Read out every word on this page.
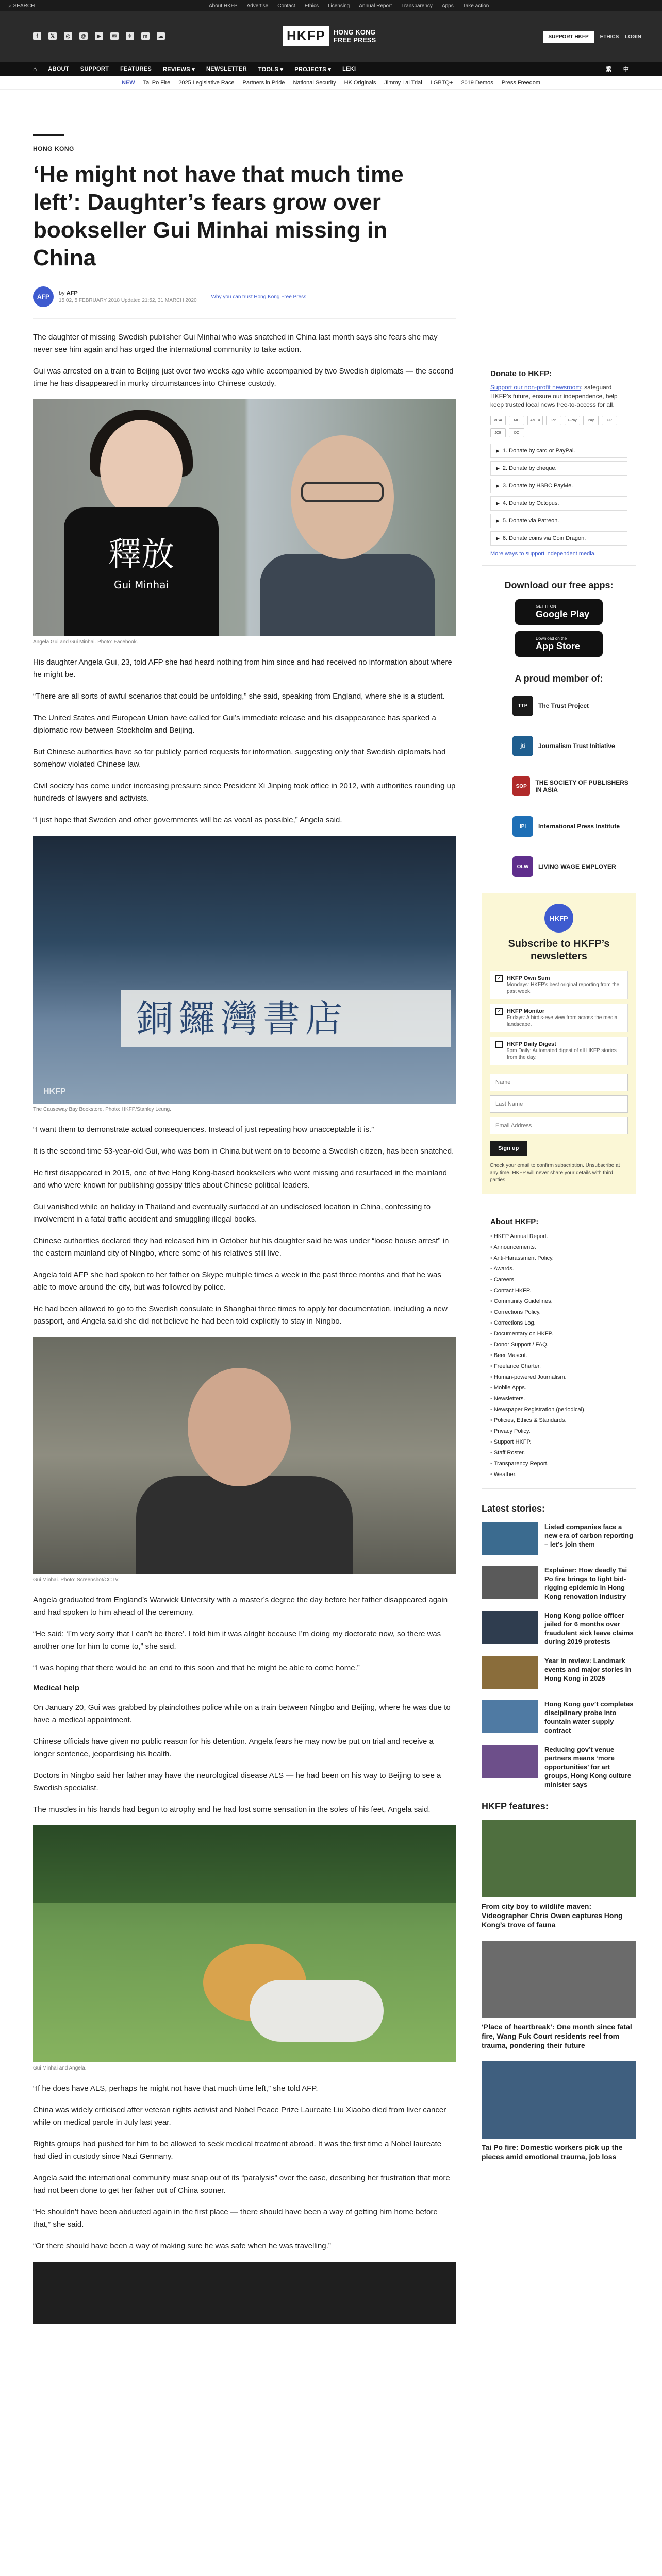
⌕ SEARCH	About HKFP Advertise Contact Ethics Licensing Annual Report Transparency Apps Take action
f	𝕏	◎	@	▶	✉	✈	m	☁	HKFP	HONG KONG
FREE PRESS	SUPPORT HKFP	ETHICS LOGIN
⌂ ABOUT SUPPORT FEATURES REVIEWS ▾ NEWSLETTER TOOLS ▾ PROJECTS ▾ LEKI	繁 中
NEW Tai Po Fire 2025 Legislative Race Partners in Pride National Security HK Originals Jimmy Lai Trial LGBTQ+ 2019 Demos Press Freedom
HONG KONG
‘He might not have that much time left’: Daughter’s fears grow over bookseller Gui Minhai missing in China
AFP	by AFP
15:02, 5 FEBRUARY 2018 Updated 21:52, 31 MARCH 2020
Why you can trust Hong Kong Free Press

The daughter of missing Swedish publisher Gui Minhai who was snatched in China last month says she fears she may never see him again and has urged the international community to take action.

Gui was arrested on a train to Beijing just over two weeks ago while accompanied by two Swedish diplomats — the second time he has disappeared in murky circumstances into Chinese custody.

釋放
Gui Minhai
Angela Gui and Gui Minhai. Photo: Facebook.

His daughter Angela Gui, 23, told AFP she had heard nothing from him since and had received no information about where he might be.

“There are all sorts of awful scenarios that could be unfolding,” she said, speaking from England, where she is a student.

The United States and European Union have called for Gui’s immediate release and his disappearance has sparked a diplomatic row between Stockholm and Beijing.

But Chinese authorities have so far publicly parried requests for information, suggesting only that Swedish diplomats had somehow violated Chinese law.

Civil society has come under increasing pressure since President Xi Jinping took office in 2012, with authorities rounding up hundreds of lawyers and activists.

“I just hope that Sweden and other governments will be as vocal as possible,” Angela said.

銅鑼灣書店
HKFP
The Causeway Bay Bookstore. Photo: HKFP/Stanley Leung.

“I want them to demonstrate actual consequences. Instead of just repeating how unacceptable it is.”

It is the second time 53-year-old Gui, who was born in China but went on to become a Swedish citizen, has been snatched.

He first disappeared in 2015, one of five Hong Kong-based booksellers who went missing and resurfaced in the mainland and who were known for publishing gossipy titles about Chinese political leaders.

Gui vanished while on holiday in Thailand and eventually surfaced at an undisclosed location in China, confessing to involvement in a fatal traffic accident and smuggling illegal books.

Chinese authorities declared they had released him in October but his daughter said he was under “loose house arrest” in the eastern mainland city of Ningbo, where some of his relatives still live.

Angela told AFP she had spoken to her father on Skype multiple times a week in the past three months and that he was able to move around the city, but was followed by police.

He had been allowed to go to the Swedish consulate in Shanghai three times to apply for documentation, including a new passport, and Angela said she did not believe he had been told explicitly to stay in Ningbo.

Gui Minhai. Photo: Screenshot/CCTV.

Angela graduated from England’s Warwick University with a master’s degree the day before her father disappeared again and had spoken to him ahead of the ceremony.

“He said: ‘I’m very sorry that I can’t be there’. I told him it was alright because I’m doing my doctorate now, so there was another one for him to come to,” she said.

“I was hoping that there would be an end to this soon and that he might be able to come home.”

Medical help

On January 20, Gui was grabbed by plainclothes police while on a train between Ningbo and Beijing, where he was due to have a medical appointment.

Chinese officials have given no public reason for his detention. Angela fears he may now be put on trial and receive a longer sentence, jeopardising his health.

Doctors in Ningbo said her father may have the neurological disease ALS — he had been on his way to Beijing to see a Swedish specialist.

The muscles in his hands had begun to atrophy and he had lost some sensation in the soles of his feet, Angela said.

Gui Minhai and Angela.

“If he does have ALS, perhaps he might not have that much time left,” she told AFP.

China was widely criticised after veteran rights activist and Nobel Peace Prize Laureate Liu Xiaobo died from liver cancer while on medical parole in July last year.

Rights groups had pushed for him to be allowed to seek medical treatment abroad. It was the first time a Nobel laureate had died in custody since Nazi Germany.

Angela said the international community must snap out of its “paralysis” over the case, describing her frustration that more had not been done to get her father out of China sooner.

“He shouldn’t have been abducted again in the first place — there should have been a way of getting him home before that,” she said.

“Or there should have been a way of making sure he was safe when he was travelling.”

Donate to HKFP:
Support our non-profit newsroom: safeguard HKFP’s future, ensure our independence, help keep trusted local news free-to-access for all.
VISA	MC	AMEX	PP	GPay	Pay	UP
JCB	DC
▶ 1. Donate by card or PayPal.
▶ 2. Donate by cheque.
▶ 3. Donate by HSBC PayMe.
▶ 4. Donate by Octopus.
▶ 5. Donate via Patreon.
▶ 6. Donate coins via Coin Dragon.
More ways to support independent media.
Download our free apps:
GET IT ON
Google Play
Download on the
App Store
A proud member of:
TTP	The Trust Project
jti	Journalism Trust Initiative
SOP	THE SOCIETY OF PUBLISHERS IN ASIA
IPI	International Press Institute
OLW	LIVING WAGE EMPLOYER
HKFP
Subscribe to HKFP’s newsletters
✓ HKFP Own Sum
Mondays: HKFP’s best original reporting from the past week.
✓ HKFP Monitor
Fridays: A bird’s-eye view from across the media landscape.
HKFP Daily Digest
9pm Daily: Automated digest of all HKFP stories from the day.
Name Last Name Email Address Sign up
Check your email to confirm subscription. Unsubscribe at any time. HKFP will never share your details with third parties.
About HKFP:
• HKFP Annual Report.
• Announcements.
• Anti-Harassment Policy.
• Awards.
• Careers.
• Contact HKFP.
• Community Guidelines.
• Corrections Policy.
• Corrections Log.
• Documentary on HKFP.
• Donor Support / FAQ.
• Beer Mascot.
• Freelance Charter.
• Human-powered Journalism.
• Mobile Apps.
• Newsletters.
• Newspaper Registration (periodical).
• Policies, Ethics & Standards.
• Privacy Policy.
• Support HKFP.
• Staff Roster.
• Transparency Report.
• Weather.
Latest stories:
Listed companies face a new era of carbon reporting – let’s join them
Explainer: How deadly Tai Po fire brings to light bid-rigging epidemic in Hong Kong renovation industry
Hong Kong police officer jailed for 6 months over fraudulent sick leave claims during 2019 protests
Year in review: Landmark events and major stories in Hong Kong in 2025
Hong Kong gov’t completes disciplinary probe into fountain water supply contract
Reducing gov’t venue partners means ‘more opportunities’ for art groups, Hong Kong culture minister says
HKFP features:
From city boy to wildlife maven: Videographer Chris Owen captures Hong Kong’s trove of fauna
‘Place of heartbreak’: One month since fatal fire, Wang Fuk Court residents reel from trauma, pondering their future
Tai Po fire: Domestic workers pick up the pieces amid emotional trauma, job loss
